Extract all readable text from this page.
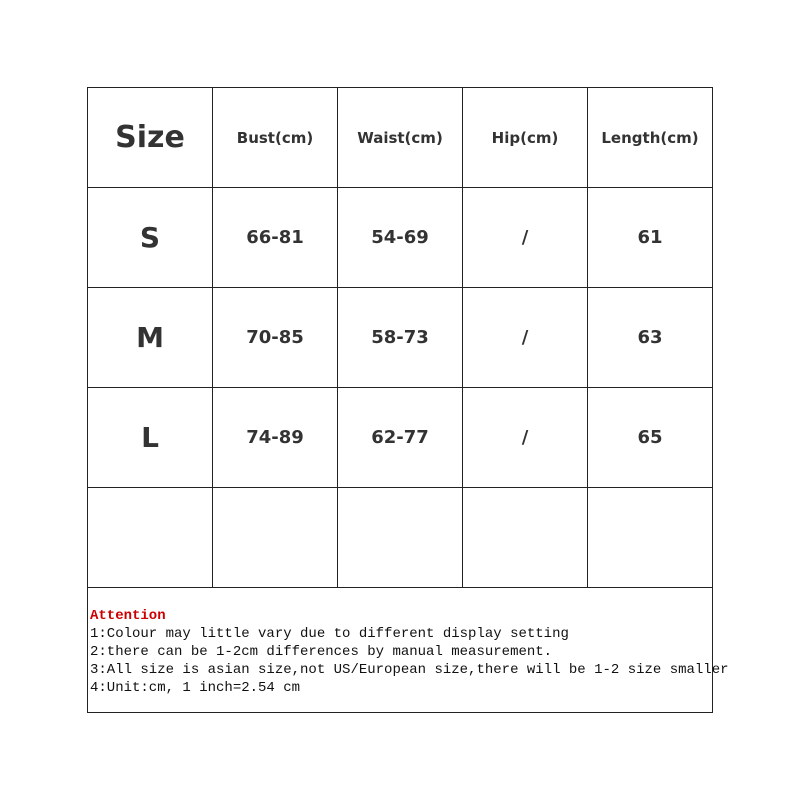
Size	Bust(cm)	Waist(cm)	Hip(cm)	Length(cm)
S	66-81	54-69	/	61
M	70-85	58-73	/	63
L	74-89	62-77	/	65

Attention
1:Colour may little vary due to different display setting
2:there can be 1-2cm differences by manual measurement.
3:All size is asian size,not US/European size,there will be 1-2 size smaller
4:Unit:cm, 1 inch=2.54 cm
